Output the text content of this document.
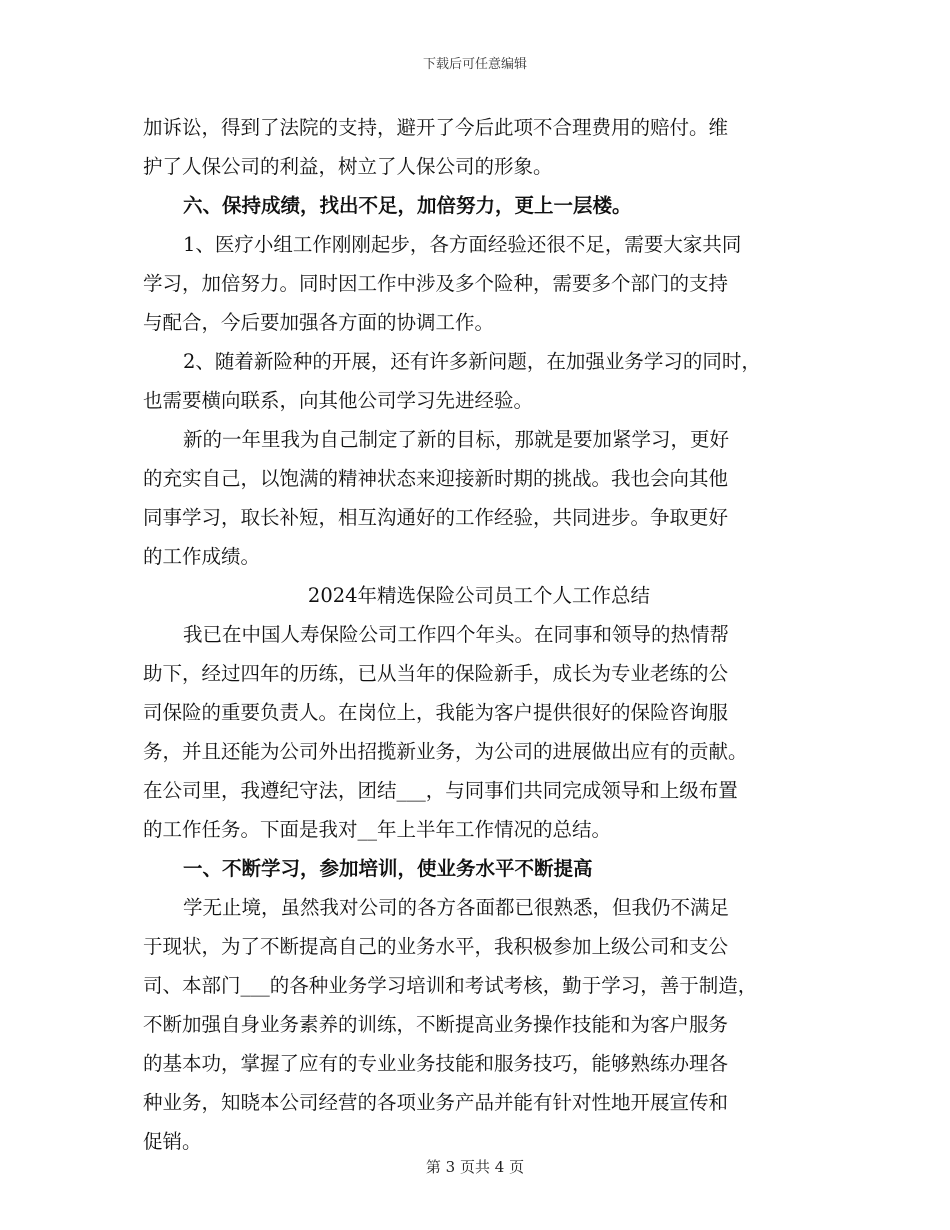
下载后可任意编辑
加诉讼，得到了法院的支持，避开了今后此项不合理费用的赔付。维
护了人保公司的利益，树立了人保公司的形象。
六、保持成绩，找出不足，加倍努力，更上一层楼。
1、医疗小组工作刚刚起步，各方面经验还很不足，需要大家共同
学习，加倍努力。同时因工作中涉及多个险种，需要多个部门的支持
与配合，今后要加强各方面的协调工作。
2、随着新险种的开展，还有许多新问题，在加强业务学习的同时，
也需要横向联系，向其他公司学习先进经验。
新的一年里我为自己制定了新的目标，那就是要加紧学习，更好
的充实自己，以饱满的精神状态来迎接新时期的挑战。我也会向其他
同事学习，取长补短，相互沟通好的工作经验，共同进步。争取更好
的工作成绩。
2024年精选保险公司员工个人工作总结
我已在中国人寿保险公司工作四个年头。在同事和领导的热情帮
助下，经过四年的历练，已从当年的保险新手，成长为专业老练的公
司保险的重要负责人。在岗位上，我能为客户提供很好的保险咨询服
务，并且还能为公司外出招揽新业务，为公司的进展做出应有的贡献。
在公司里，我遵纪守法，团结___，与同事们共同完成领导和上级布置
的工作任务。下面是我对__年上半年工作情况的总结。
一、不断学习，参加培训，使业务水平不断提高
学无止境，虽然我对公司的各方各面都已很熟悉，但我仍不满足
于现状，为了不断提高自己的业务水平，我积极参加上级公司和支公
司、本部门___的各种业务学习培训和考试考核，勤于学习，善于制造，
不断加强自身业务素养的训练，不断提高业务操作技能和为客户服务
的基本功，掌握了应有的专业业务技能和服务技巧，能够熟练办理各
种业务，知晓本公司经营的各项业务产品并能有针对性地开展宣传和
促销。
第 3 页共 4 页
